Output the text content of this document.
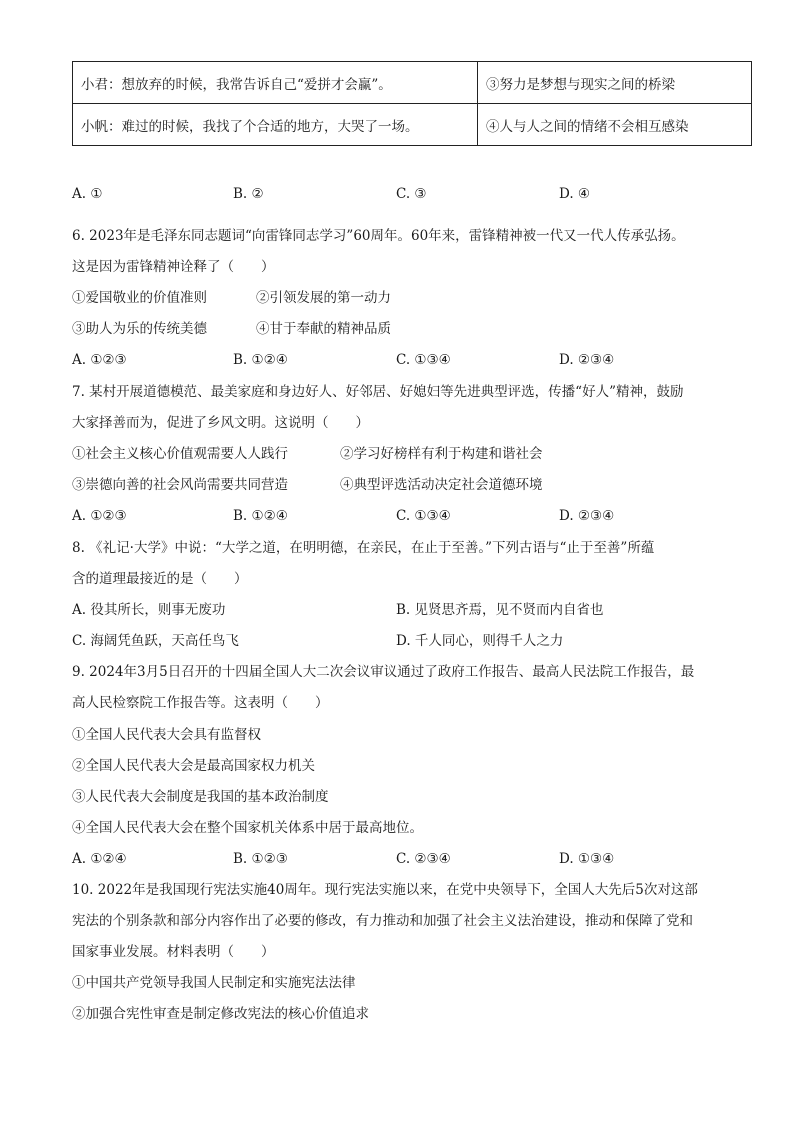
小君：想放弃的时候，我常告诉自己“爱拼才会赢”。	③努力是梦想与现实之间的桥梁
小帆：难过的时候，我找了个合适的地方，大哭了一场。	④人与人之间的情绪不会相互感染
A. ①	B. ②	C. ③	D. ④
6. 2023年是毛泽东同志题词“向雷锋同志学习”60周年。60年来，雷锋精神被一代又一代人传承弘扬。
这是因为雷锋精神诠释了（　　）
①爱国敬业的价值准则	②引领发展的第一动力
③助人为乐的传统美德	④甘于奉献的精神品质
A. ①②③	B. ①②④	C. ①③④	D. ②③④
7. 某村开展道德模范、最美家庭和身边好人、好邻居、好媳妇等先进典型评选，传播“好人”精神，鼓励
大家择善而为，促进了乡风文明。这说明（　　）
①社会主义核心价值观需要人人践行	②学习好榜样有利于构建和谐社会
③崇德向善的社会风尚需要共同营造	④典型评选活动决定社会道德环境
A. ①②③	B. ①②④	C. ①③④	D. ②③④
8. 《礼记·大学》中说：“大学之道，在明明德，在亲民，在止于至善。”下列古语与“止于至善”所蕴
含的道理最接近的是（　　）
A. 役其所长，则事无废功	B. 见贤思齐焉，见不贤而内自省也
C. 海阔凭鱼跃，天高任鸟飞	D. 千人同心，则得千人之力
9. 2024年3月5日召开的十四届全国人大二次会议审议通过了政府工作报告、最高人民法院工作报告，最
高人民检察院工作报告等。这表明（　　）
①全国人民代表大会具有监督权
②全国人民代表大会是最高国家权力机关
③人民代表大会制度是我国的基本政治制度
④全国人民代表大会在整个国家机关体系中居于最高地位。
A. ①②④	B. ①②③	C. ②③④	D. ①③④
10. 2022年是我国现行宪法实施40周年。现行宪法实施以来，在党中央领导下，全国人大先后5次对这部
宪法的个别条款和部分内容作出了必要的修改，有力推动和加强了社会主义法治建设，推动和保障了党和
国家事业发展。材料表明（　　）
①中国共产党领导我国人民制定和实施宪法法律
②加强合宪性审查是制定修改宪法的核心价值追求
